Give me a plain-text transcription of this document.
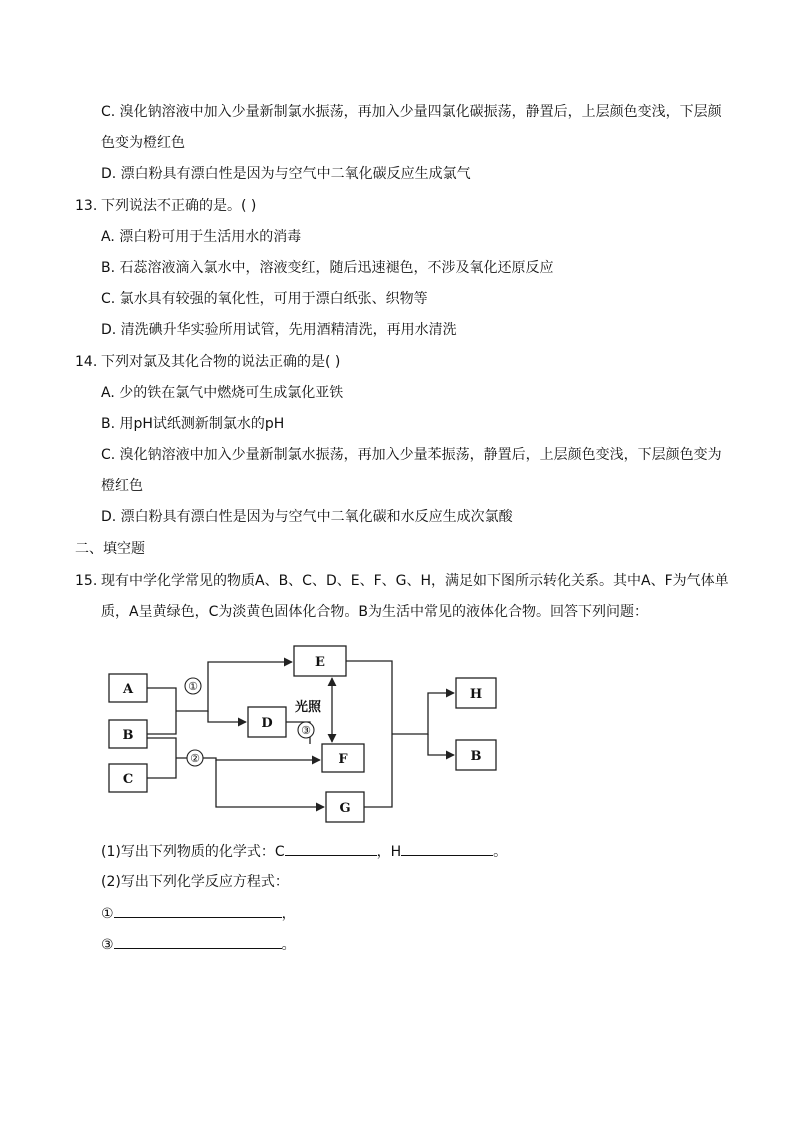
C. 溴化钠溶液中加入少量新制氯水振荡，再加入少量四氯化碳振荡，静置后，上层颜色变浅，下层颜
色变为橙红色
D. 漂白粉具有漂白性是因为与空气中二氧化碳反应生成氯气
13. 下列说法不正确的是。( )
A. 漂白粉可用于生活用水的消毒
B. 石蕊溶液滴入氯水中，溶液变红，随后迅速褪色，不涉及氧化还原反应
C. 氯水具有较强的氧化性，可用于漂白纸张、织物等
D. 清洗碘升华实验所用试管，先用酒精清洗，再用水清洗
14. 下列对氯及其化合物的说法正确的是( )
A. 少的铁在氯气中燃烧可生成氯化亚铁
B. 用pH试纸测新制氯水的pH
C. 溴化钠溶液中加入少量新制氯水振荡，再加入少量苯振荡，静置后，上层颜色变浅，下层颜色变为
橙红色
D. 漂白粉具有漂白性是因为与空气中二氧化碳和水反应生成次氯酸
二、填空题
15. 现有中学化学常见的物质A、B、C、D、E、F、G、H，满足如下图所示转化关系。其中A、F为气体单
质，A呈黄绿色，C为淡黄色固体化合物。B为生活中常见的液体化合物。回答下列问题：
A
B
C
D
E
F
G
H
B
①
②
③
光照
(1)写出下列物质的化学式：C	，H	。
(2)写出下列化学反应方程式：
①	，
③	。
